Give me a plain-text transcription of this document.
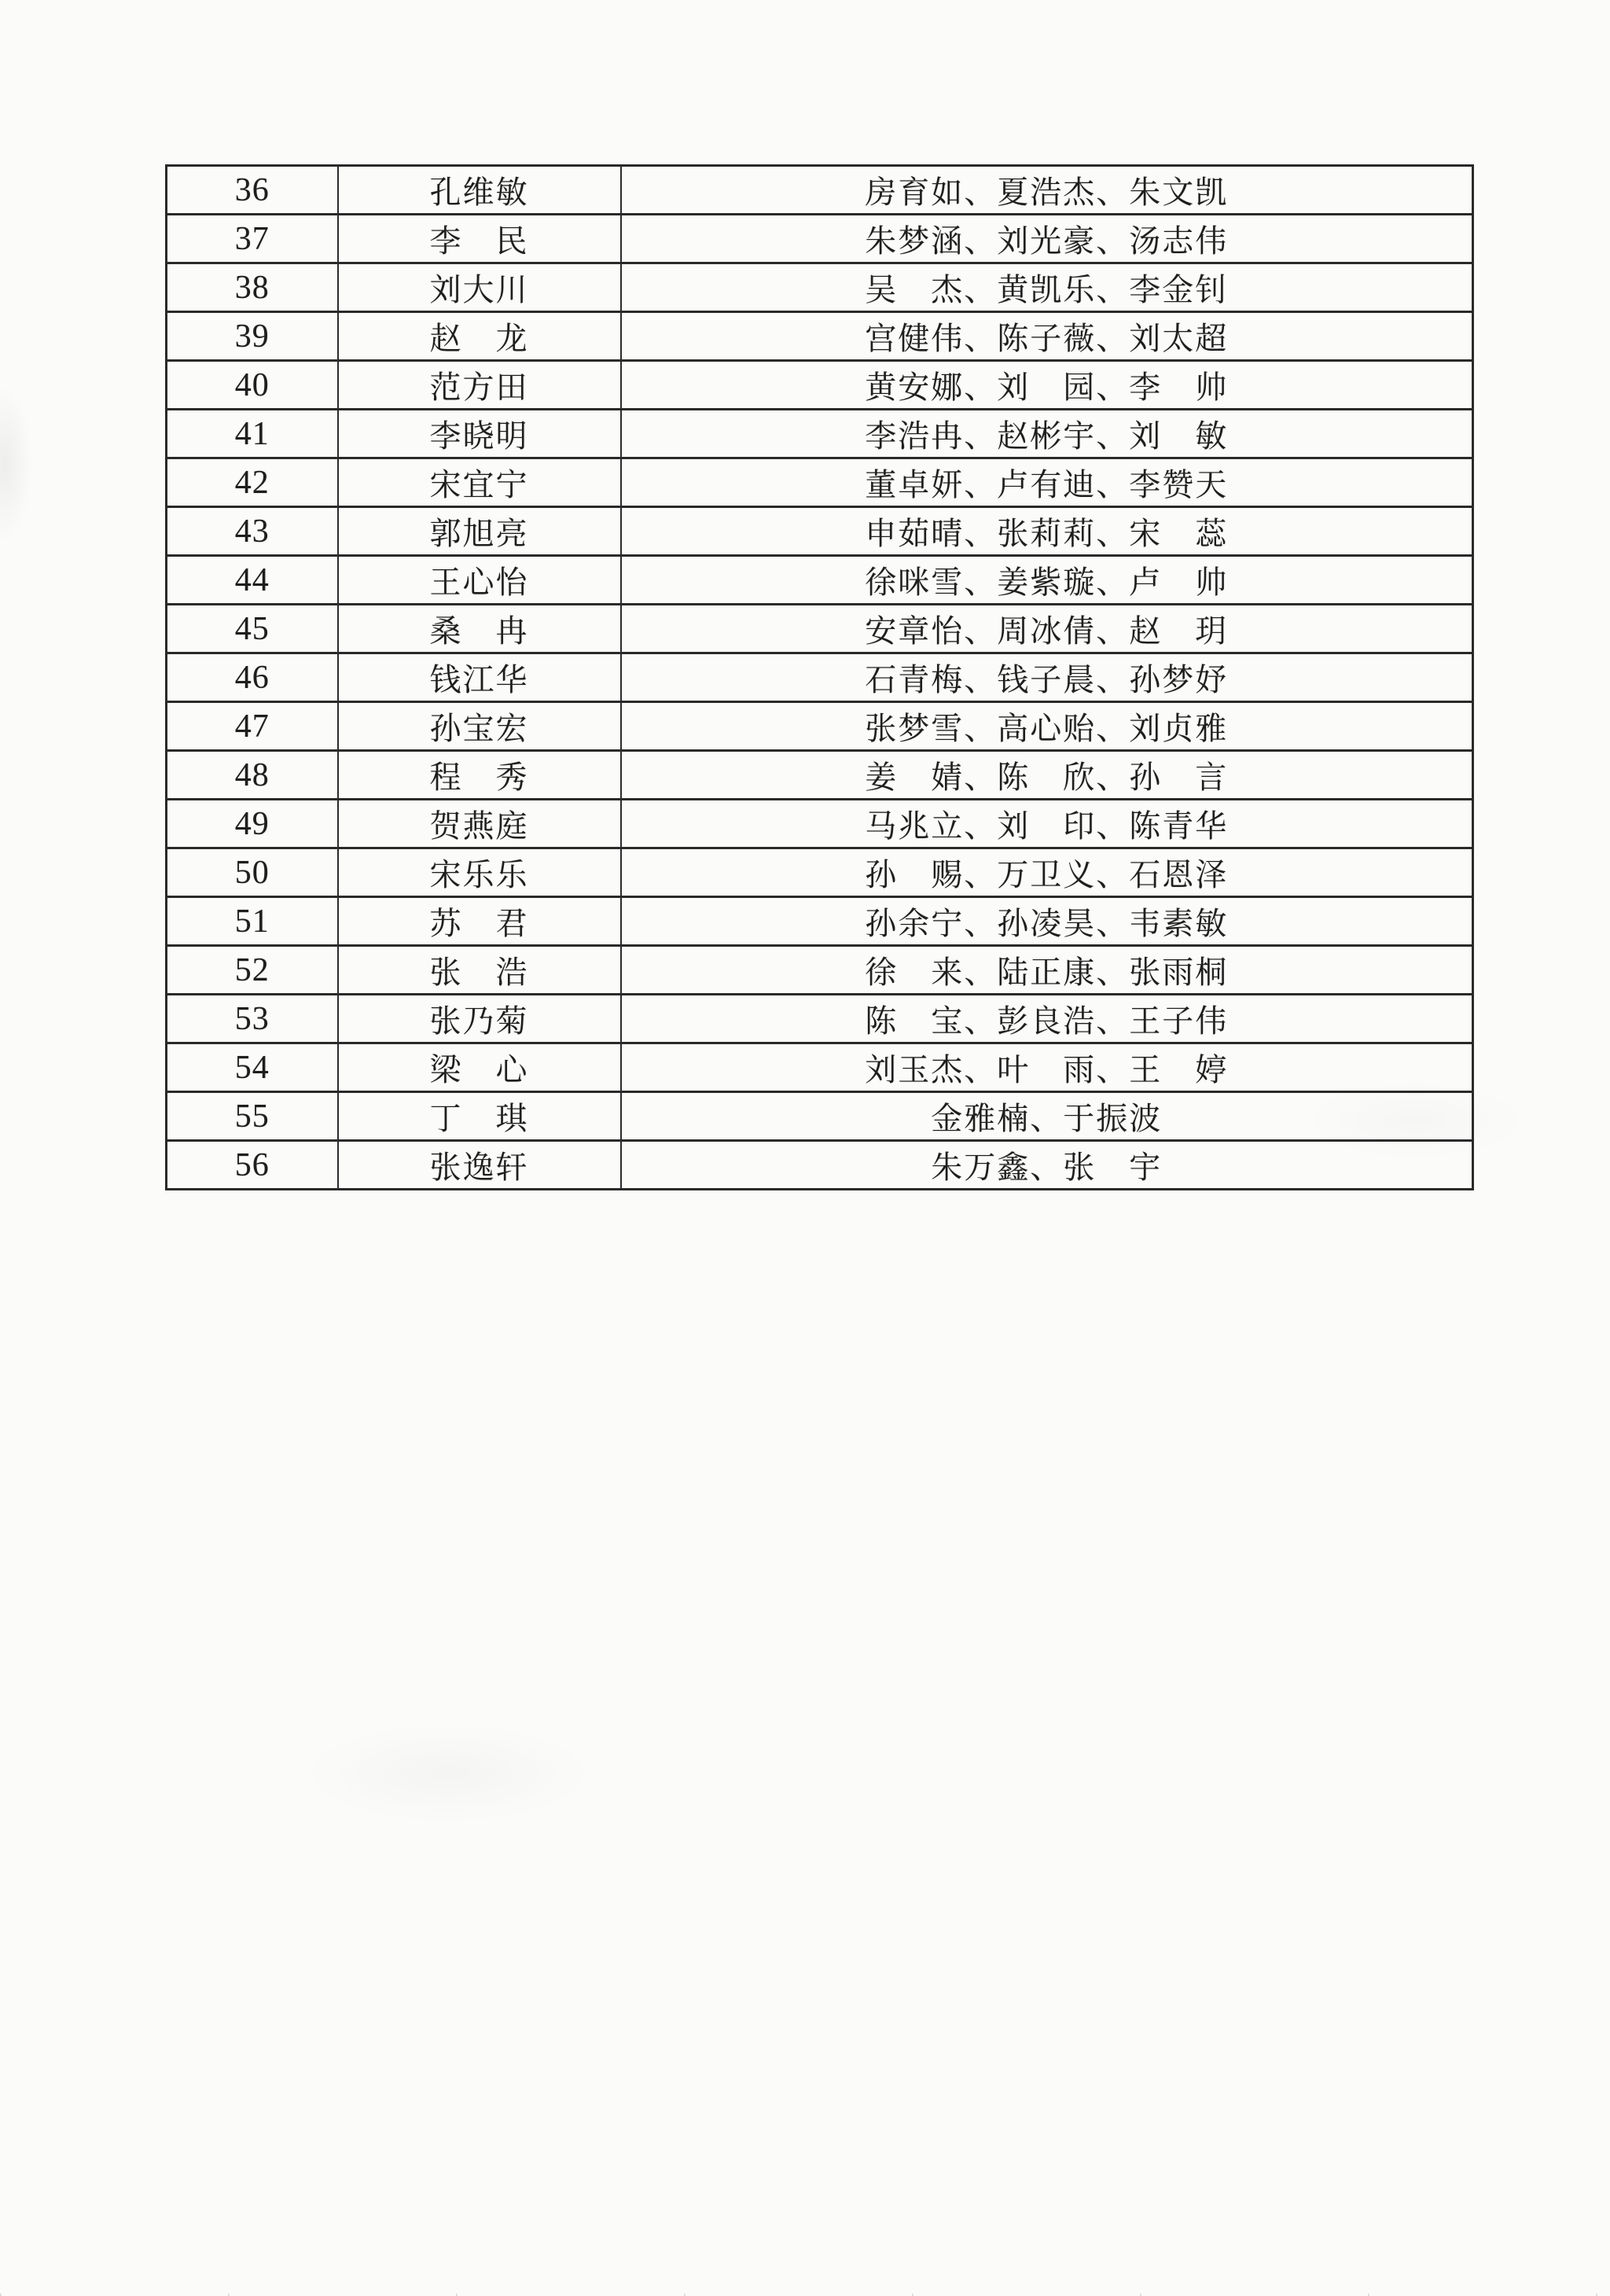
36	孔维敏	房育如、夏浩杰、朱文凯
37	李　民	朱梦涵、刘光豪、汤志伟
38	刘大川	吴　杰、黄凯乐、李金钊
39	赵　龙	宫健伟、陈子薇、刘太超
40	范方田	黄安娜、刘　园、李　帅
41	李晓明	李浩冉、赵彬宇、刘　敏
42	宋宜宁	董卓妍、卢有迪、李赞天
43	郭旭亮	申茹晴、张莉莉、宋　蕊
44	王心怡	徐咪雪、姜紫璇、卢　帅
45	桑　冉	安章怡、周冰倩、赵　玥
46	钱江华	石青梅、钱子晨、孙梦妤
47	孙宝宏	张梦雪、高心贻、刘贞雅
48	程　秀	姜　婧、陈　欣、孙　言
49	贺燕庭	马兆立、刘　印、陈青华
50	宋乐乐	孙　赐、万卫义、石恩泽
51	苏　君	孙余宁、孙凌昊、韦素敏
52	张　浩	徐　来、陆正康、张雨桐
53	张乃菊	陈　宝、彭良浩、王子伟
54	梁　心	刘玉杰、叶　雨、王　婷
55	丁　琪	金雅楠、于振波
56	张逸轩	朱万鑫、张　宇
